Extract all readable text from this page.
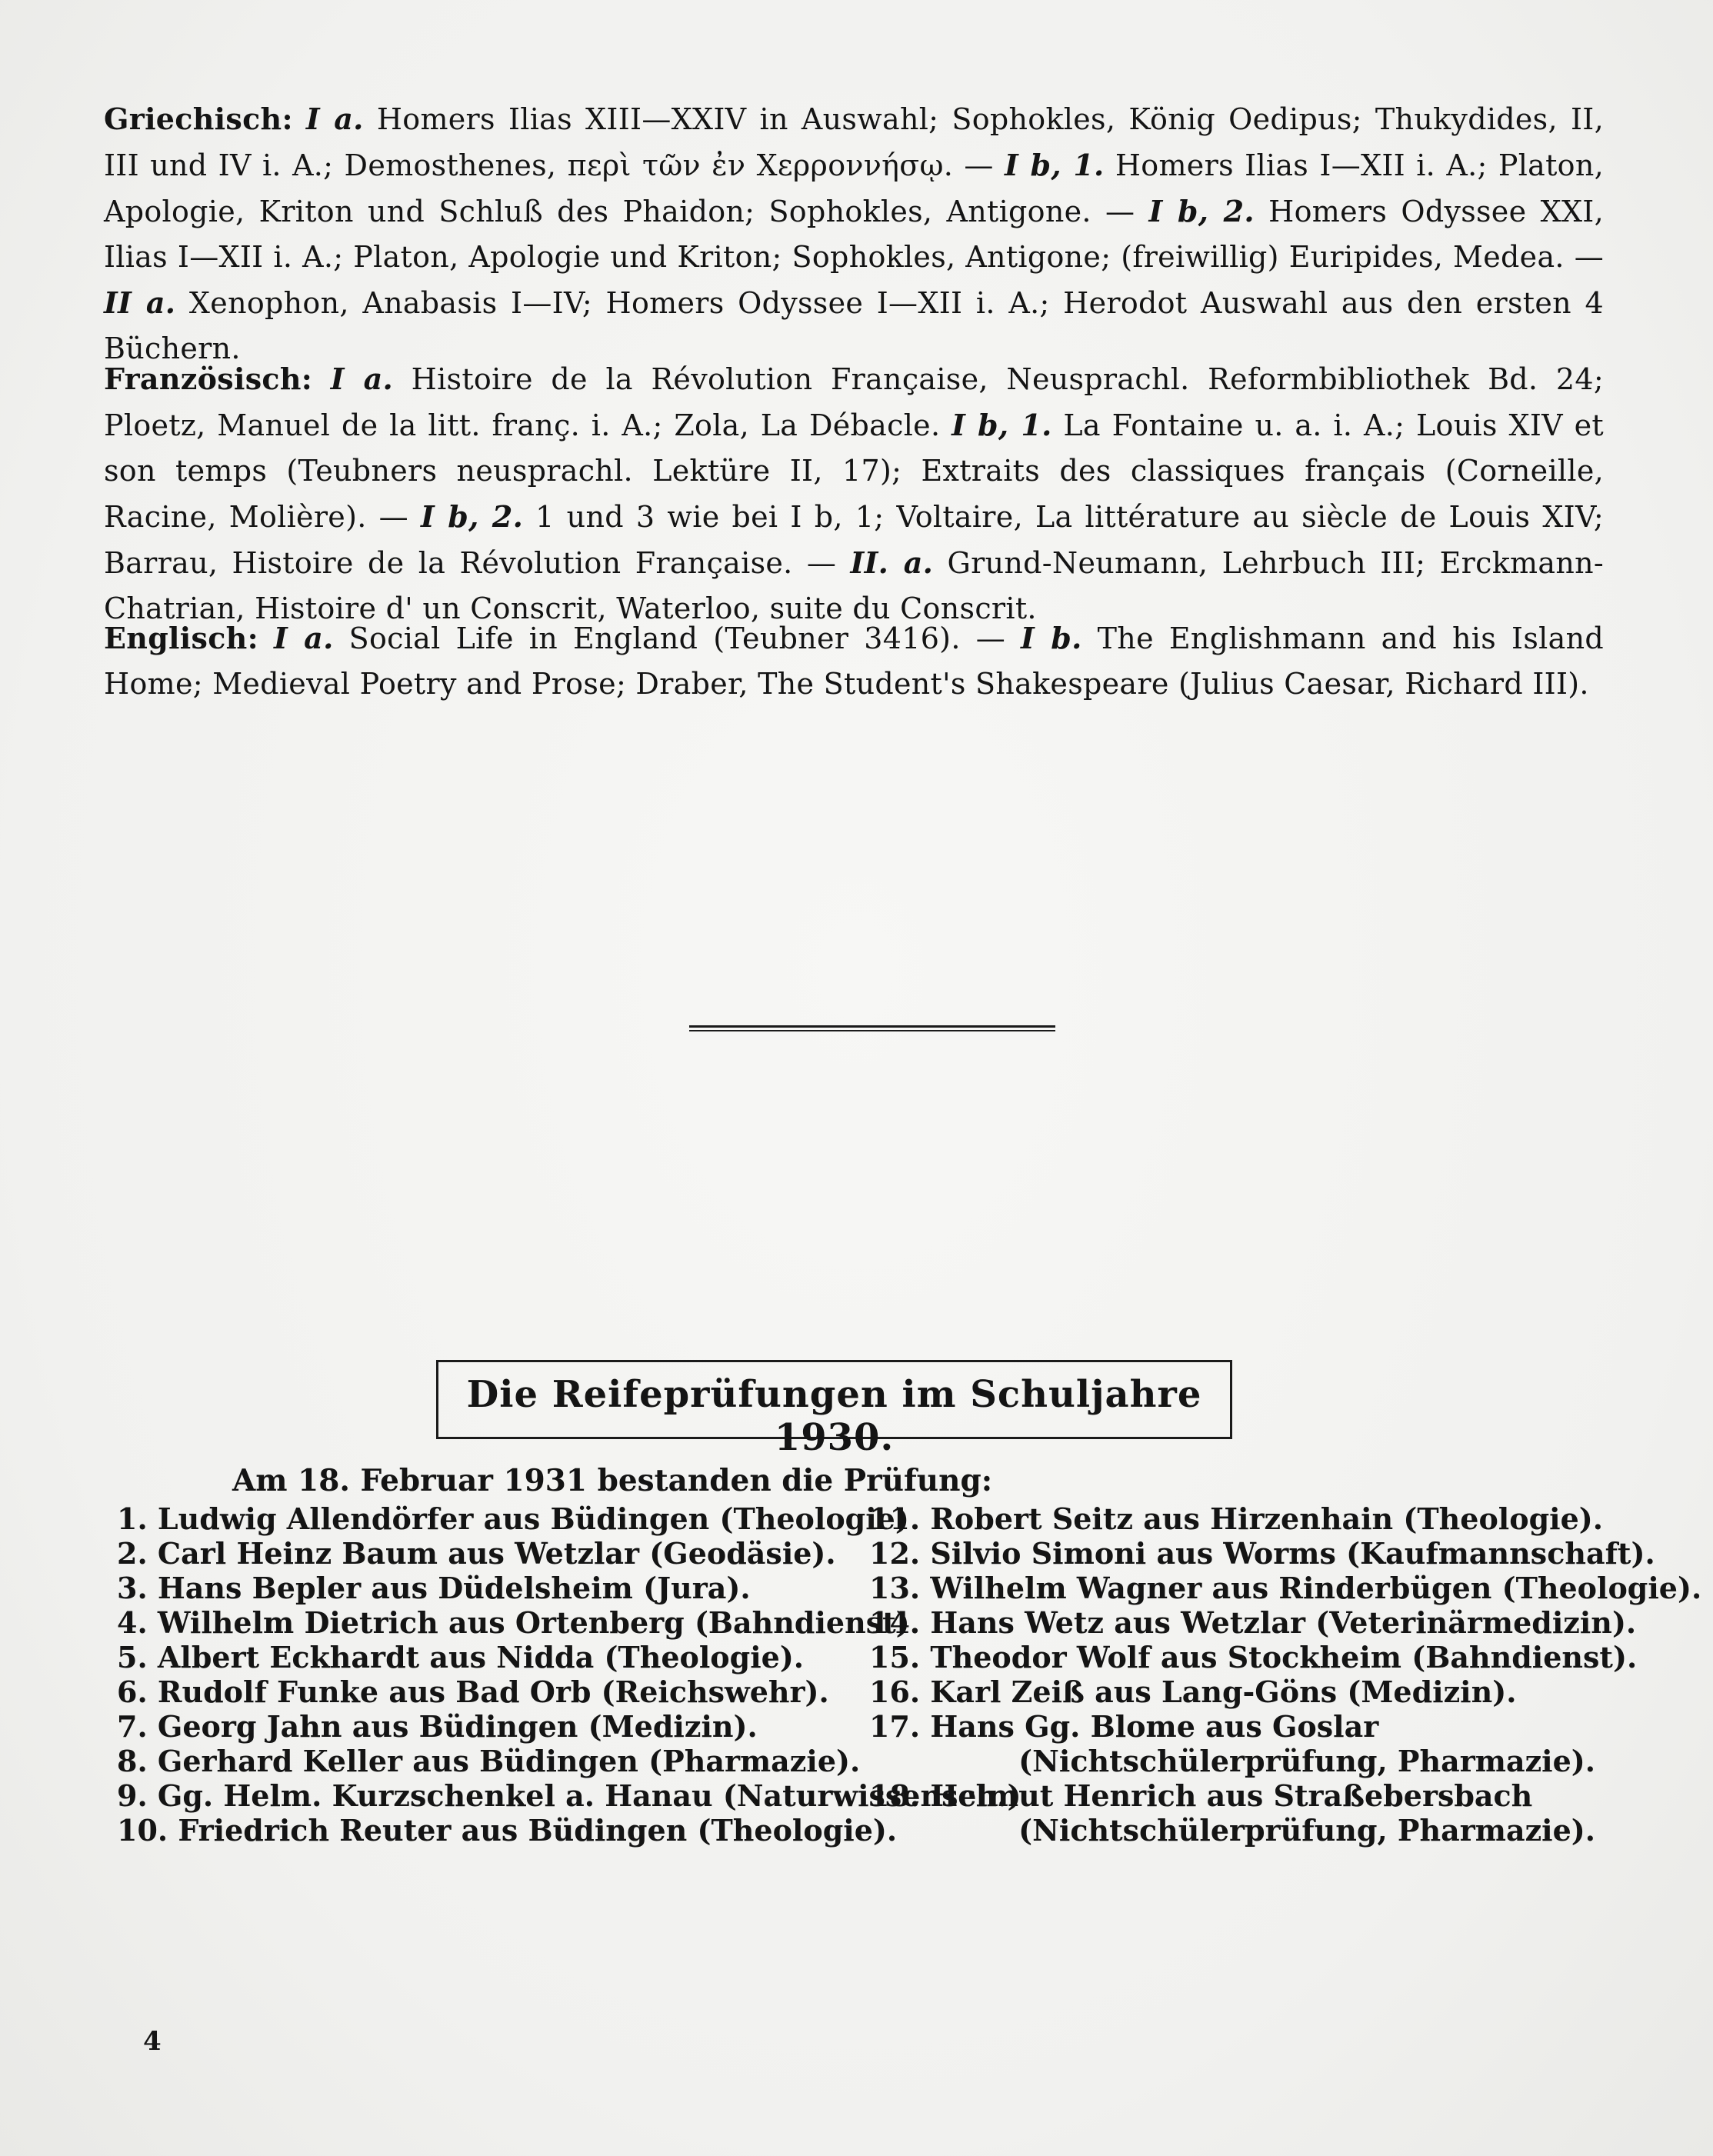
Griechisch: I a. Homers Ilias XIII—XXIV in Auswahl; Sophokles, König Oedipus; Thukydides, II, III und IV i. A.; Demosthenes, περὶ τῶν ἐν Χερροννήσῳ. — I b, 1. Homers Ilias I—XII i. A.; Platon, Apologie, Kriton und Schluß des Phaidon; Sophokles, Antigone. — I b, 2. Homers Odyssee XXI, Ilias I—XII i. A.; Platon, Apologie und Kriton; Sophokles, Antigone; (freiwillig) Euripides, Medea. — II a. Xenophon, Anabasis I—IV; Homers Odyssee I—XII i. A.; Herodot Auswahl aus den ersten 4 Büchern.
Französisch: I a. Histoire de la Révolution Française, Neusprachl. Reformbibliothek Bd. 24; Ploetz, Manuel de la litt. franç. i. A.; Zola, La Débacle. I b, 1. La Fontaine u. a. i. A.; Louis XIV et son temps (Teubners neusprachl. Lektüre II, 17); Extraits des classiques français (Corneille, Racine, Molière). — I b, 2. 1 und 3 wie bei I b, 1; Voltaire, La littérature au siècle de Louis XIV; Barrau, Histoire de la Révolution Française. — II. a. Grund-Neumann, Lehrbuch III; Erckmann-Chatrian, Histoire d' un Conscrit, Waterloo, suite du Conscrit.
Englisch: I a. Social Life in England (Teubner 3416). — I b. The Englishmann and his Island Home; Medieval Poetry and Prose; Draber, The Student's Shakespeare (Julius Caesar, Richard III).
Die Reifeprüfungen im Schuljahre 1930.
Am 18. Februar 1931 bestanden die Prüfung:
1. Ludwig Allendörfer aus Büdingen (Theologie)
2. Carl Heinz Baum aus Wetzlar (Geodäsie).
3. Hans Bepler aus Düdelsheim (Jura).
4. Wilhelm Dietrich aus Ortenberg (Bahndienst).
5. Albert Eckhardt aus Nidda (Theologie).
6. Rudolf Funke aus Bad Orb (Reichswehr).
7. Georg Jahn aus Büdingen (Medizin).
8. Gerhard Keller aus Büdingen (Pharmazie).
9. Gg. Helm. Kurzschenkel a. Hanau (Naturwissensch.)
10. Friedrich Reuter aus Büdingen (Theologie).
11. Robert Seitz aus Hirzenhain (Theologie).
12. Silvio Simoni aus Worms (Kaufmannschaft).
13. Wilhelm Wagner aus Rinderbügen (Theologie).
14. Hans Wetz aus Wetzlar (Veterinärmedizin).
15. Theodor Wolf aus Stockheim (Bahndienst).
16. Karl Zeiß aus Lang-Göns (Medizin).
17. Hans Gg. Blome aus Goslar
(Nichtschülerprüfung, Pharmazie).
18. Helmut Henrich aus Straßebersbach
(Nichtschülerprüfung, Pharmazie).
4
